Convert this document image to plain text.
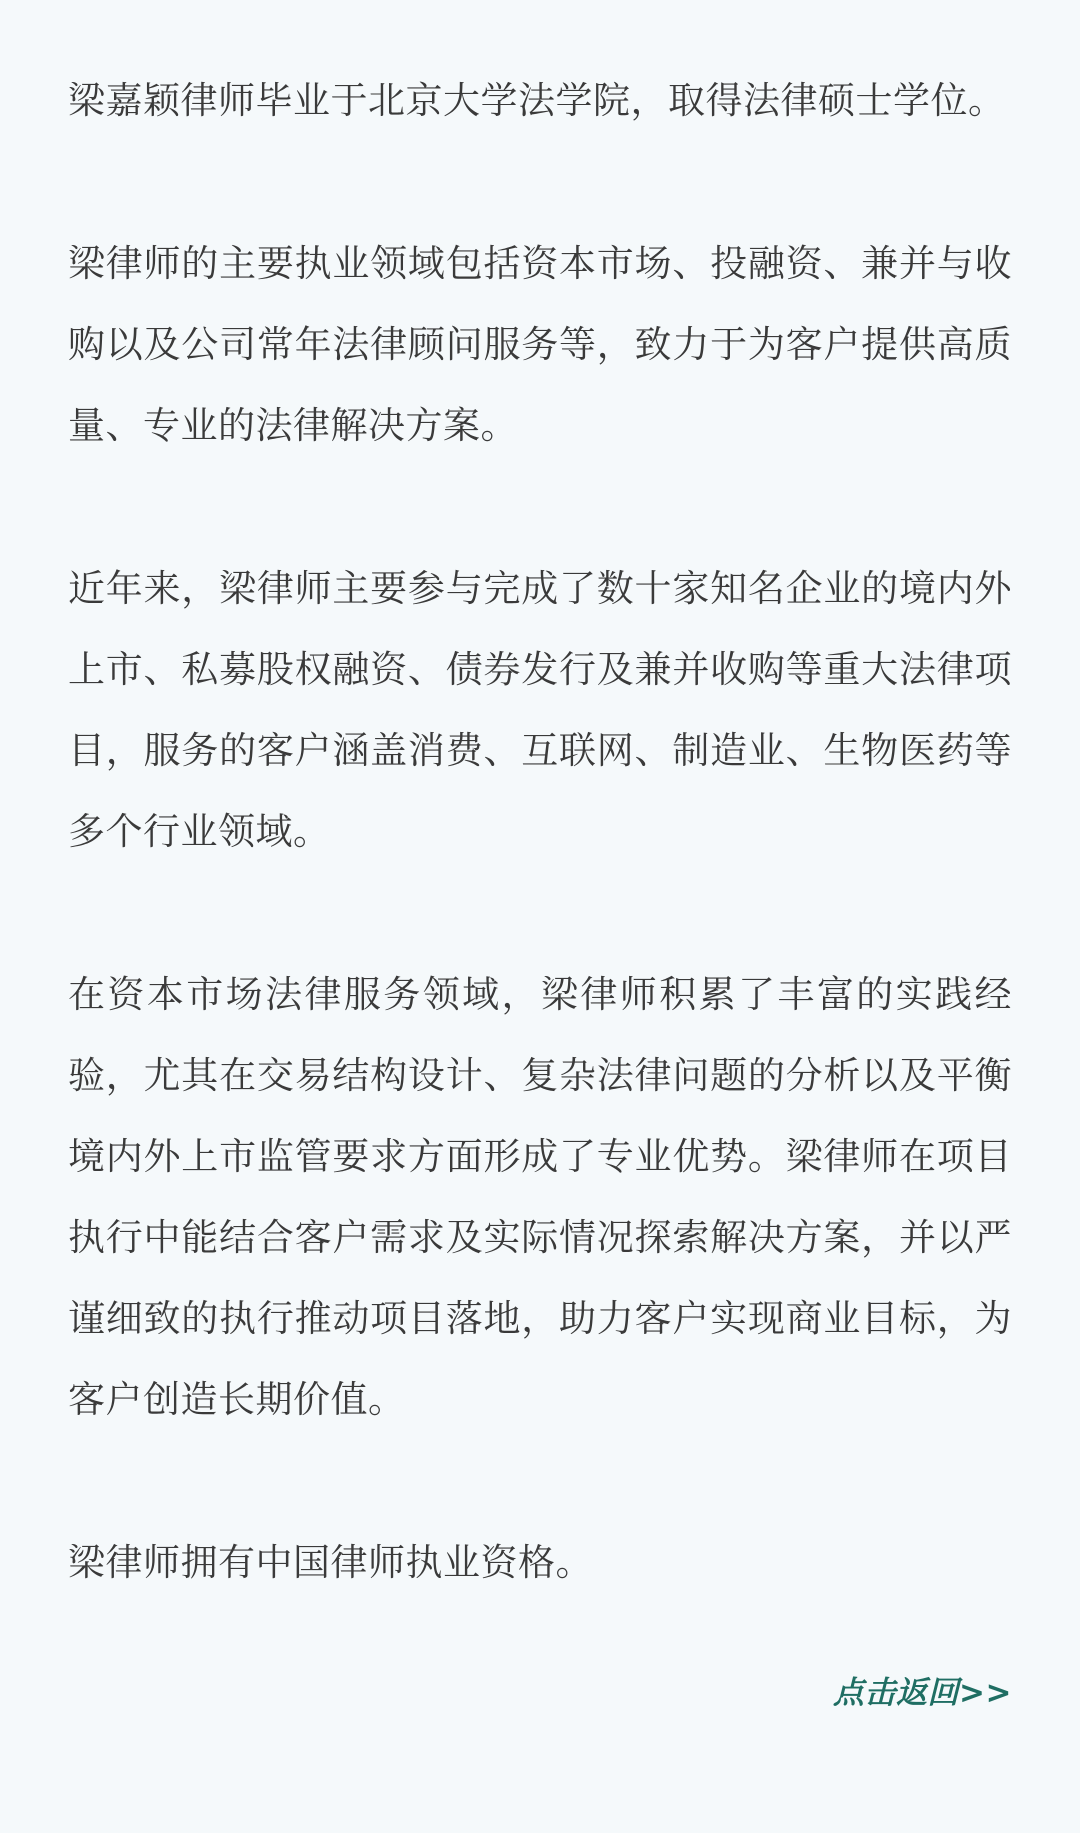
梁嘉颖律师毕业于北京大学法学院，取得法律硕士学位。

梁律师的主要执业领域包括资本市场、投融资、兼并与收购以及公司常年法律顾问服务等，致力于为客户提供高质量、专业的法律解决方案。

近年来，梁律师主要参与完成了数十家知名企业的境内外上市、私募股权融资、债券发行及兼并收购等重大法律项目，服务的客户涵盖消费、互联网、制造业、生物医药等多个行业领域。

在资本市场法律服务领域，梁律师积累了丰富的实践经验，尤其在交易结构设计、复杂法律问题的分析以及平衡境内外上市监管要求方面形成了专业优势。梁律师在项目执行中能结合客户需求及实际情况探索解决方案，并以严谨细致的执行推动项目落地，助力客户实现商业目标，为客户创造长期价值。

梁律师拥有中国律师执业资格。

点击返回>>
